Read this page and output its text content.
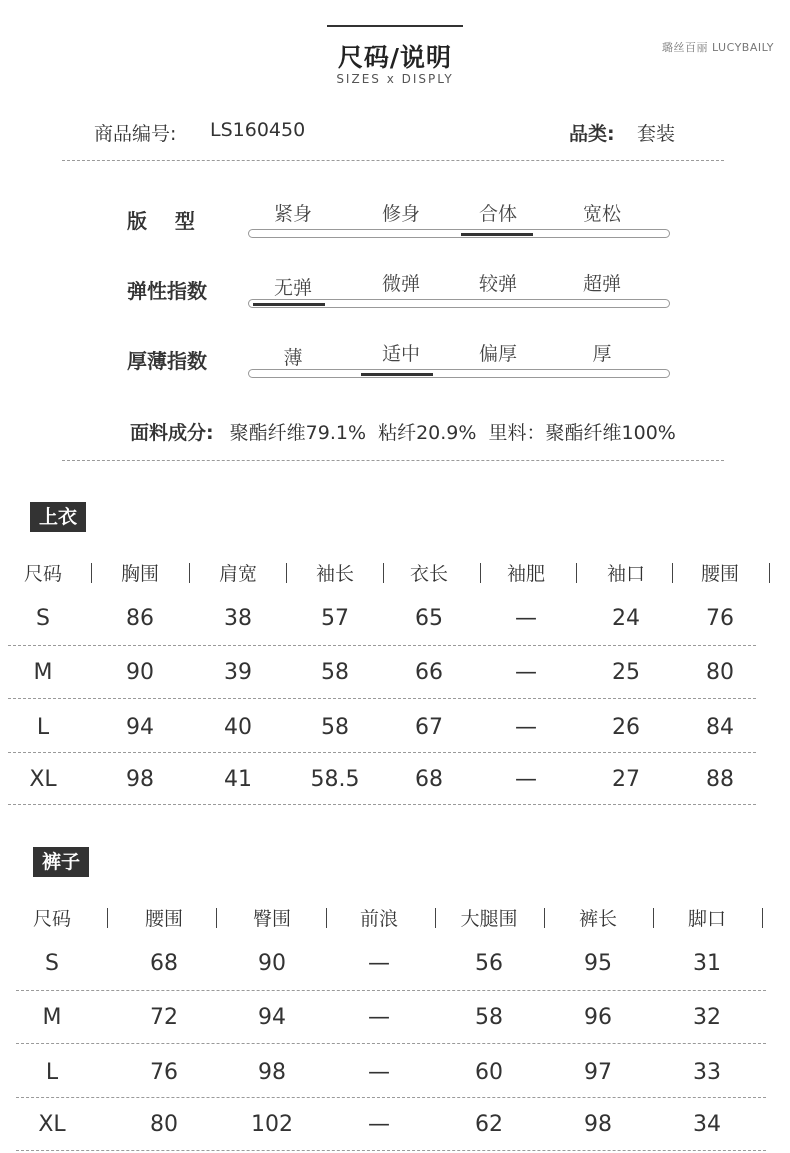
尺码/说明
SIZES x DISPLY
璐丝百丽 LUCYBAILY
商品编号: LS160450	品类: 套装
版    型	紧身	修身	合体	宽松
弹性指数	无弹	微弹	较弹	超弹
厚薄指数	薄	适中	偏厚	厚
面料成分: 聚酯纤维79.1%  粘纤20.9%  里料：聚酯纤维100%
上衣
尺码	胸围	肩宽	袖长	衣长	袖肥	袖口	腰围
S	86	38	57	65	—	24	76
M	90	39	58	66	—	25	80
L	94	40	58	67	—	26	84
XL	98	41	58.5	68	—	27	88
裤子
尺码	腰围	臀围	前浪	大腿围	裤长	脚口
S	68	90	—	56	95	31
M	72	94	—	58	96	32
L	76	98	—	60	97	33
XL	80	102	—	62	98	34
